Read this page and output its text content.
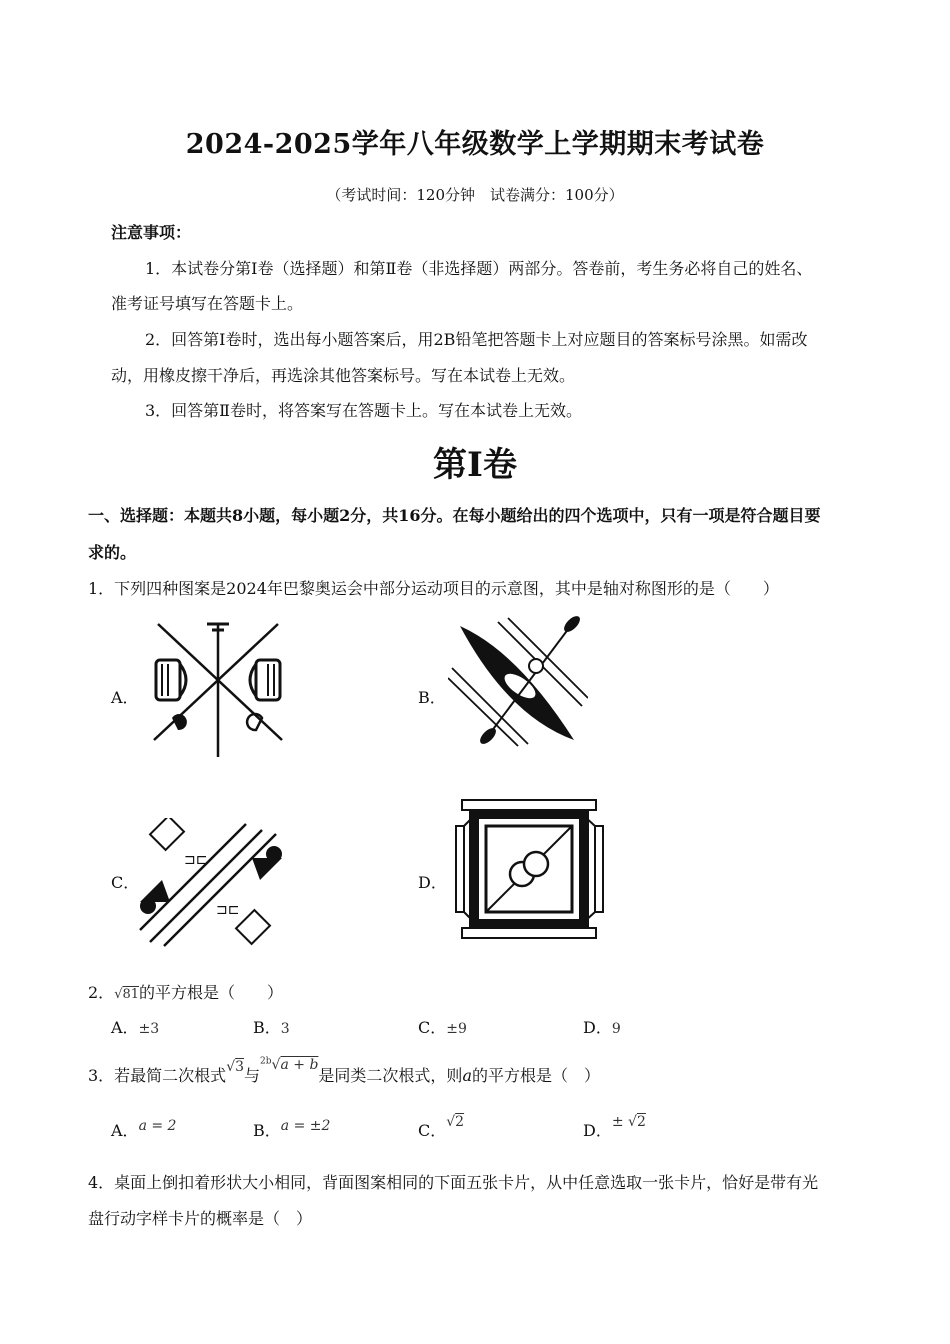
2024-2025学年八年级数学上学期期末考试卷
（考试时间：120分钟　试卷满分：100分）
注意事项：
1．本试卷分第Ⅰ卷（选择题）和第Ⅱ卷（非选择题）两部分。答卷前，考生务必将自己的姓名、
准考证号填写在答题卡上。
2．回答第Ⅰ卷时，选出每小题答案后，用2B铅笔把答题卡上对应题目的答案标号涂黑。如需改
动，用橡皮擦干净后，再选涂其他答案标号。写在本试卷上无效。
3．回答第Ⅱ卷时，将答案写在答题卡上。写在本试卷上无效。
第Ⅰ卷
一、选择题：本题共8小题，每小题2分，共16分。在每小题给出的四个选项中，只有一项是符合题目要
求的。
1．下列四种图案是2024年巴黎奥运会中部分运动项目的示意图，其中是轴对称图形的是（　　）
A．	B．
C．
⊐⊏
⊐⊏
D．
2．√81的平方根是（　　）
A．±3	B．3	C．±9	D．9
3．若最简二次根式√3与$^{2b}$√a + b是同类二次根式，则a的平方根是（　）
A．a = 2	B．a = ±2	C．√2	D．± √2
4．桌面上倒扣着形状大小相同，背面图案相同的下面五张卡片，从中任意选取一张卡片，恰好是带有光
盘行动字样卡片的概率是（　）
